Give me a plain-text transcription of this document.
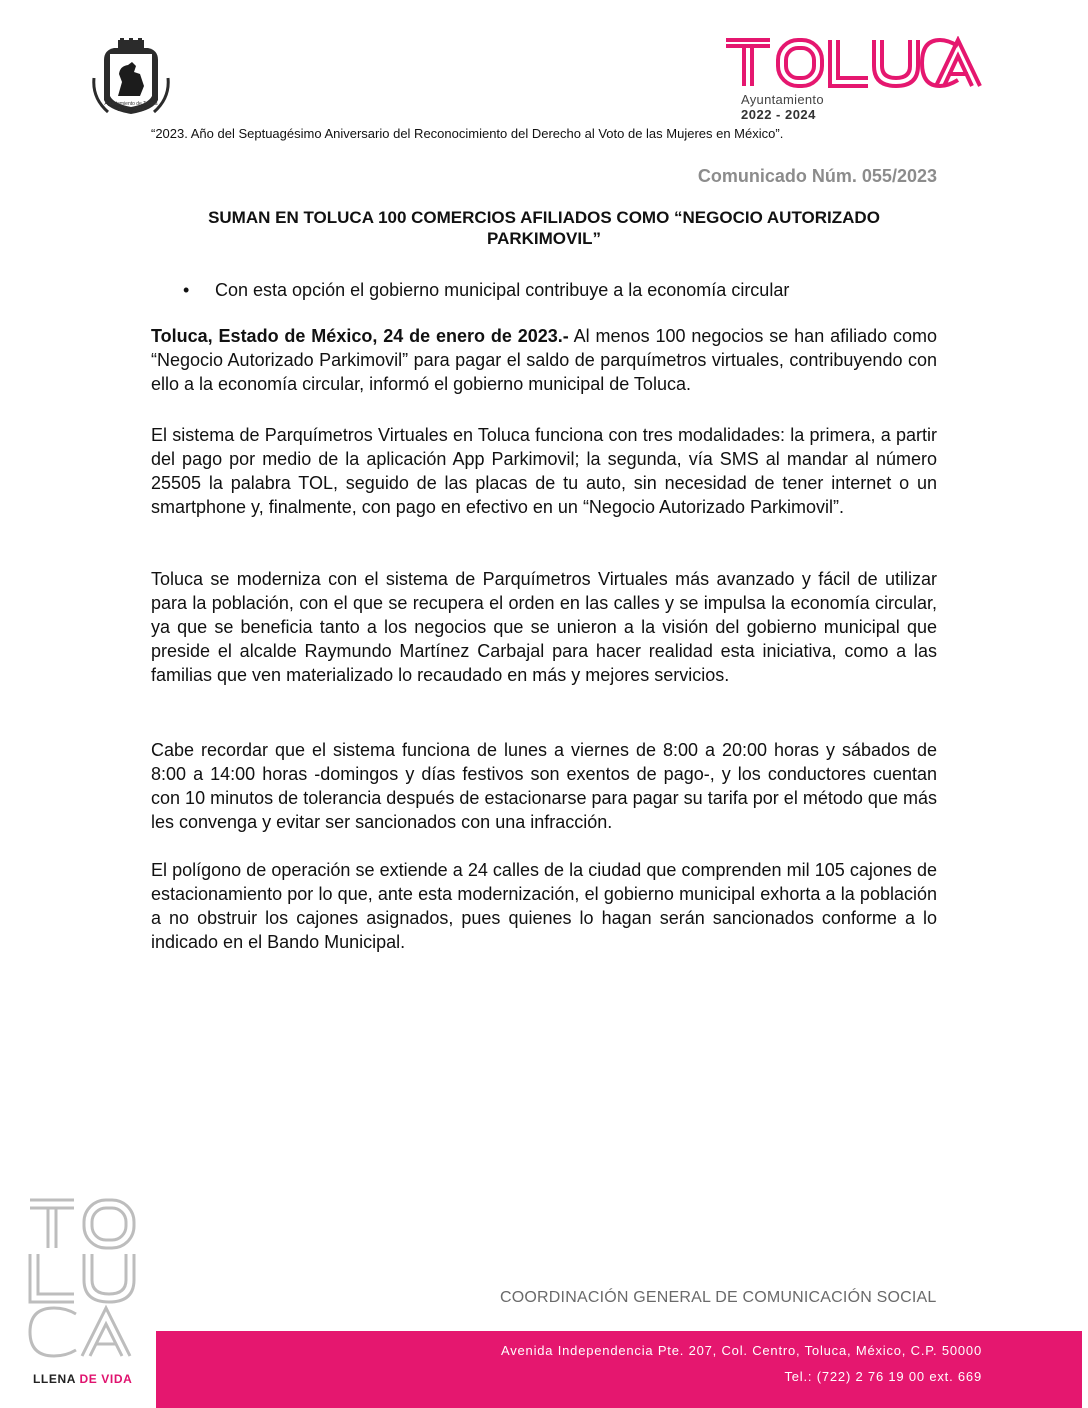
Ayuntamiento de Toluca
2022 - 2024
Ayuntamiento
2022 - 2024
“2023. Año del Septuagésimo Aniversario del Reconocimiento del Derecho al Voto de las Mujeres en México”.
Comunicado Núm. 055/2023
SUMAN EN TOLUCA 100 COMERCIOS AFILIADOS COMO “NEGOCIO AUTORIZADO PARKIMOVIL”
• Con esta opción el gobierno municipal contribuye a la economía circular

Toluca, Estado de México, 24 de enero de 2023.- Al menos 100 negocios se han afiliado como “Negocio Autorizado Parkimovil” para pagar el saldo de parquímetros virtuales, contribuyendo con ello a la economía circular, informó el gobierno municipal de Toluca.

El sistema de Parquímetros Virtuales en Toluca funciona con tres modalidades: la primera, a partir del pago por medio de la aplicación App Parkimovil; la segunda, vía SMS al mandar al número 25505 la palabra TOL, seguido de las placas de tu auto, sin necesidad de tener internet o un smartphone y, finalmente, con pago en efectivo en un “Negocio Autorizado Parkimovil”.

Toluca se moderniza con el sistema de Parquímetros Virtuales más avanzado y fácil de utilizar para la población, con el que se recupera el orden en las calles y se impulsa la economía circular, ya que se beneficia tanto a los negocios que se unieron a la visión del gobierno municipal que preside el alcalde Raymundo Martínez Carbajal para hacer realidad esta iniciativa, como a las familias que ven materializado lo recaudado en más y mejores servicios.

Cabe recordar que el sistema funciona de lunes a viernes de 8:00 a 20:00 horas y sábados de 8:00 a 14:00 horas -domingos y días festivos son exentos de pago-, y los conductores cuentan con 10 minutos de tolerancia después de estacionarse para pagar su tarifa por el método que más les convenga y evitar ser sancionados con una infracción.

El polígono de operación se extiende a 24 calles de la ciudad que comprenden mil 105 cajones de estacionamiento por lo que, ante esta modernización, el gobierno municipal exhorta a la población a no obstruir los cajones asignados, pues quienes lo hagan serán sancionados conforme a lo indicado en el Bando Municipal.

LLENA DE VIDA
COORDINACIÓN GENERAL DE COMUNICACIÓN SOCIAL
Avenida Independencia Pte. 207, Col. Centro, Toluca, México, C.P. 50000
Tel.: (722) 2 76 19 00 ext. 669
